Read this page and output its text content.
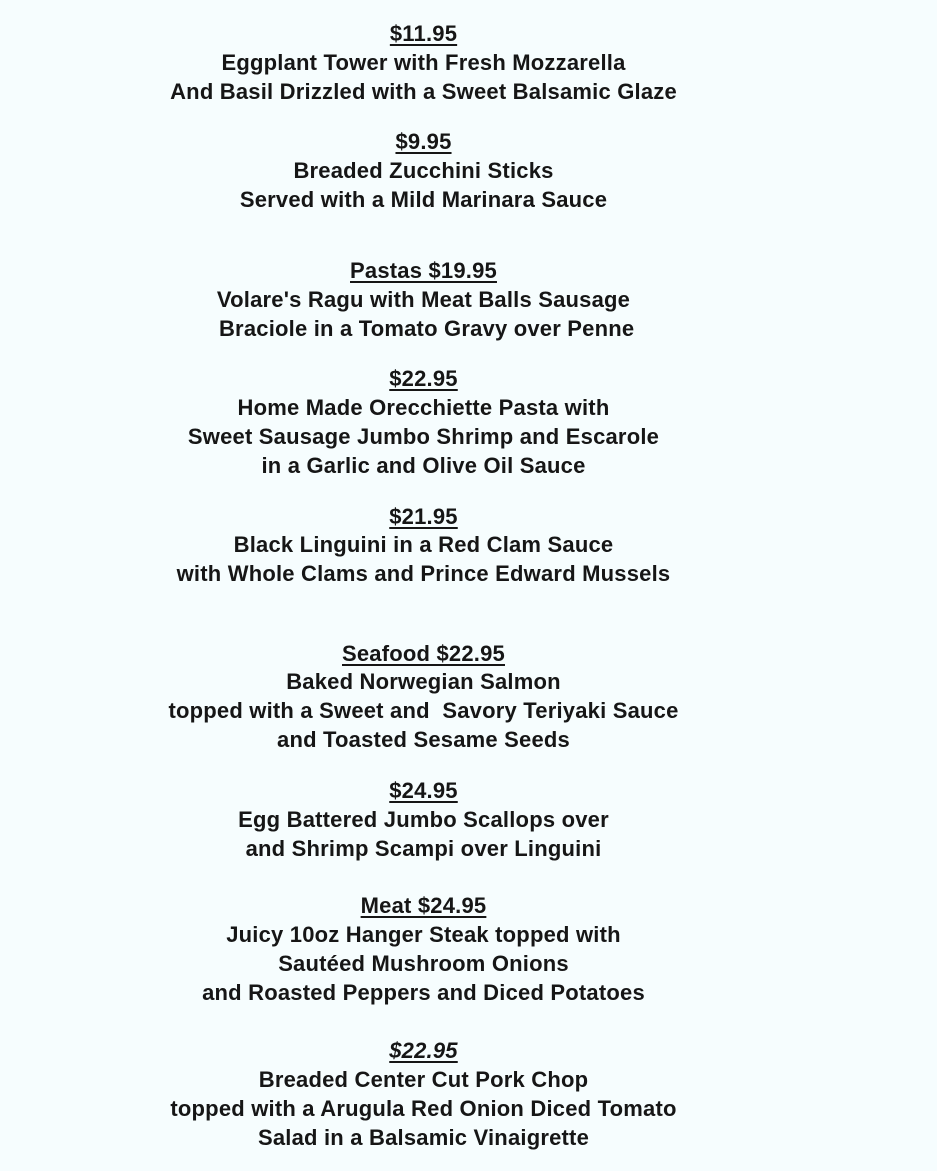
$11.95
Eggplant Tower with Fresh Mozzarella
And Basil Drizzled with a Sweet Balsamic Glaze
$9.95
Breaded Zucchini Sticks
Served with a Mild Marinara Sauce
Pastas $19.95
Volare's Ragu with Meat Balls Sausage
Braciole in a Tomato Gravy over Penne
$22.95
Home Made Orecchiette Pasta with
Sweet Sausage Jumbo Shrimp and Escarole
in a Garlic and Olive Oil Sauce
$21.95
Black Linguini in a Red Clam Sauce
with Whole Clams and Prince Edward Mussels
Seafood $22.95
Baked Norwegian Salmon
topped with a Sweet and  Savory Teriyaki Sauce
and Toasted Sesame Seeds
$24.95
Egg Battered Jumbo Scallops over
and Shrimp Scampi over Linguini
Meat $24.95
Juicy 10oz Hanger Steak topped with
Sautéed Mushroom Onions
and Roasted Peppers and Diced Potatoes
$22.95
Breaded Center Cut Pork Chop
topped with a Arugula Red Onion Diced Tomato
Salad in a Balsamic Vinaigrette
